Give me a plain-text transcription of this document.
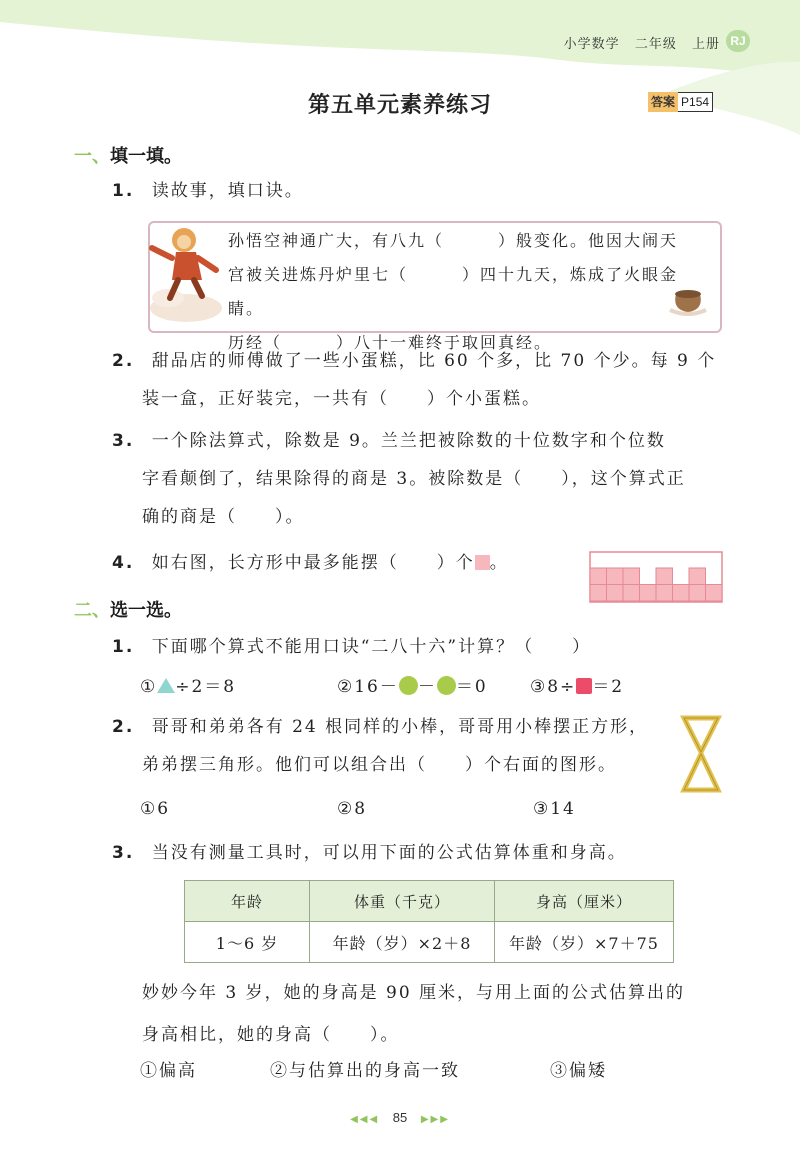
小学数学 二年级 上册 RJ
第五单元素养练习	答案 P154
一、填一填。
1. 读故事，填口诀。
孙悟空神通广大，有八九（　　　）般变化。他因大闹天
宫被关进炼丹炉里七（　　　）四十九天，炼成了火眼金睛。
历经（　　　）八十一难终于取回真经。
2. 甜品店的师傅做了一些小蛋糕，比 60 个多，比 70 个少。每 9 个
装一盒，正好装完，一共有（　　）个小蛋糕。
3. 一个除法算式，除数是 9。兰兰把被除数的十位数字和个位数
字看颠倒了，结果除得的商是 3。被除数是（　　），这个算式正
确的商是（　　）。
4. 如右图，长方形中最多能摆（　　）个 。
二、选一选。
1. 下面哪个算式不能用口诀“二八十六”计算？（　　）
① ÷2＝8	②16－ － ＝0 ③8÷ ＝2
2. 哥哥和弟弟各有 24 根同样的小棒，哥哥用小棒摆正方形，
弟弟摆三角形。他们可以组合出（　　）个右面的图形。
①6	②8	③14
3. 当没有测量工具时，可以用下面的公式估算体重和身高。
年龄	体重（千克）	身高（厘米）
1～6 岁	年龄（岁）×2＋8	年龄（岁）×7＋75
妙妙今年 3 岁，她的身高是 90 厘米，与用上面的公式估算出的
身高相比，她的身高（　　）。
①偏高	②与估算出的身高一致	③偏矮
◀◀◀ 85 ▶▶▶
